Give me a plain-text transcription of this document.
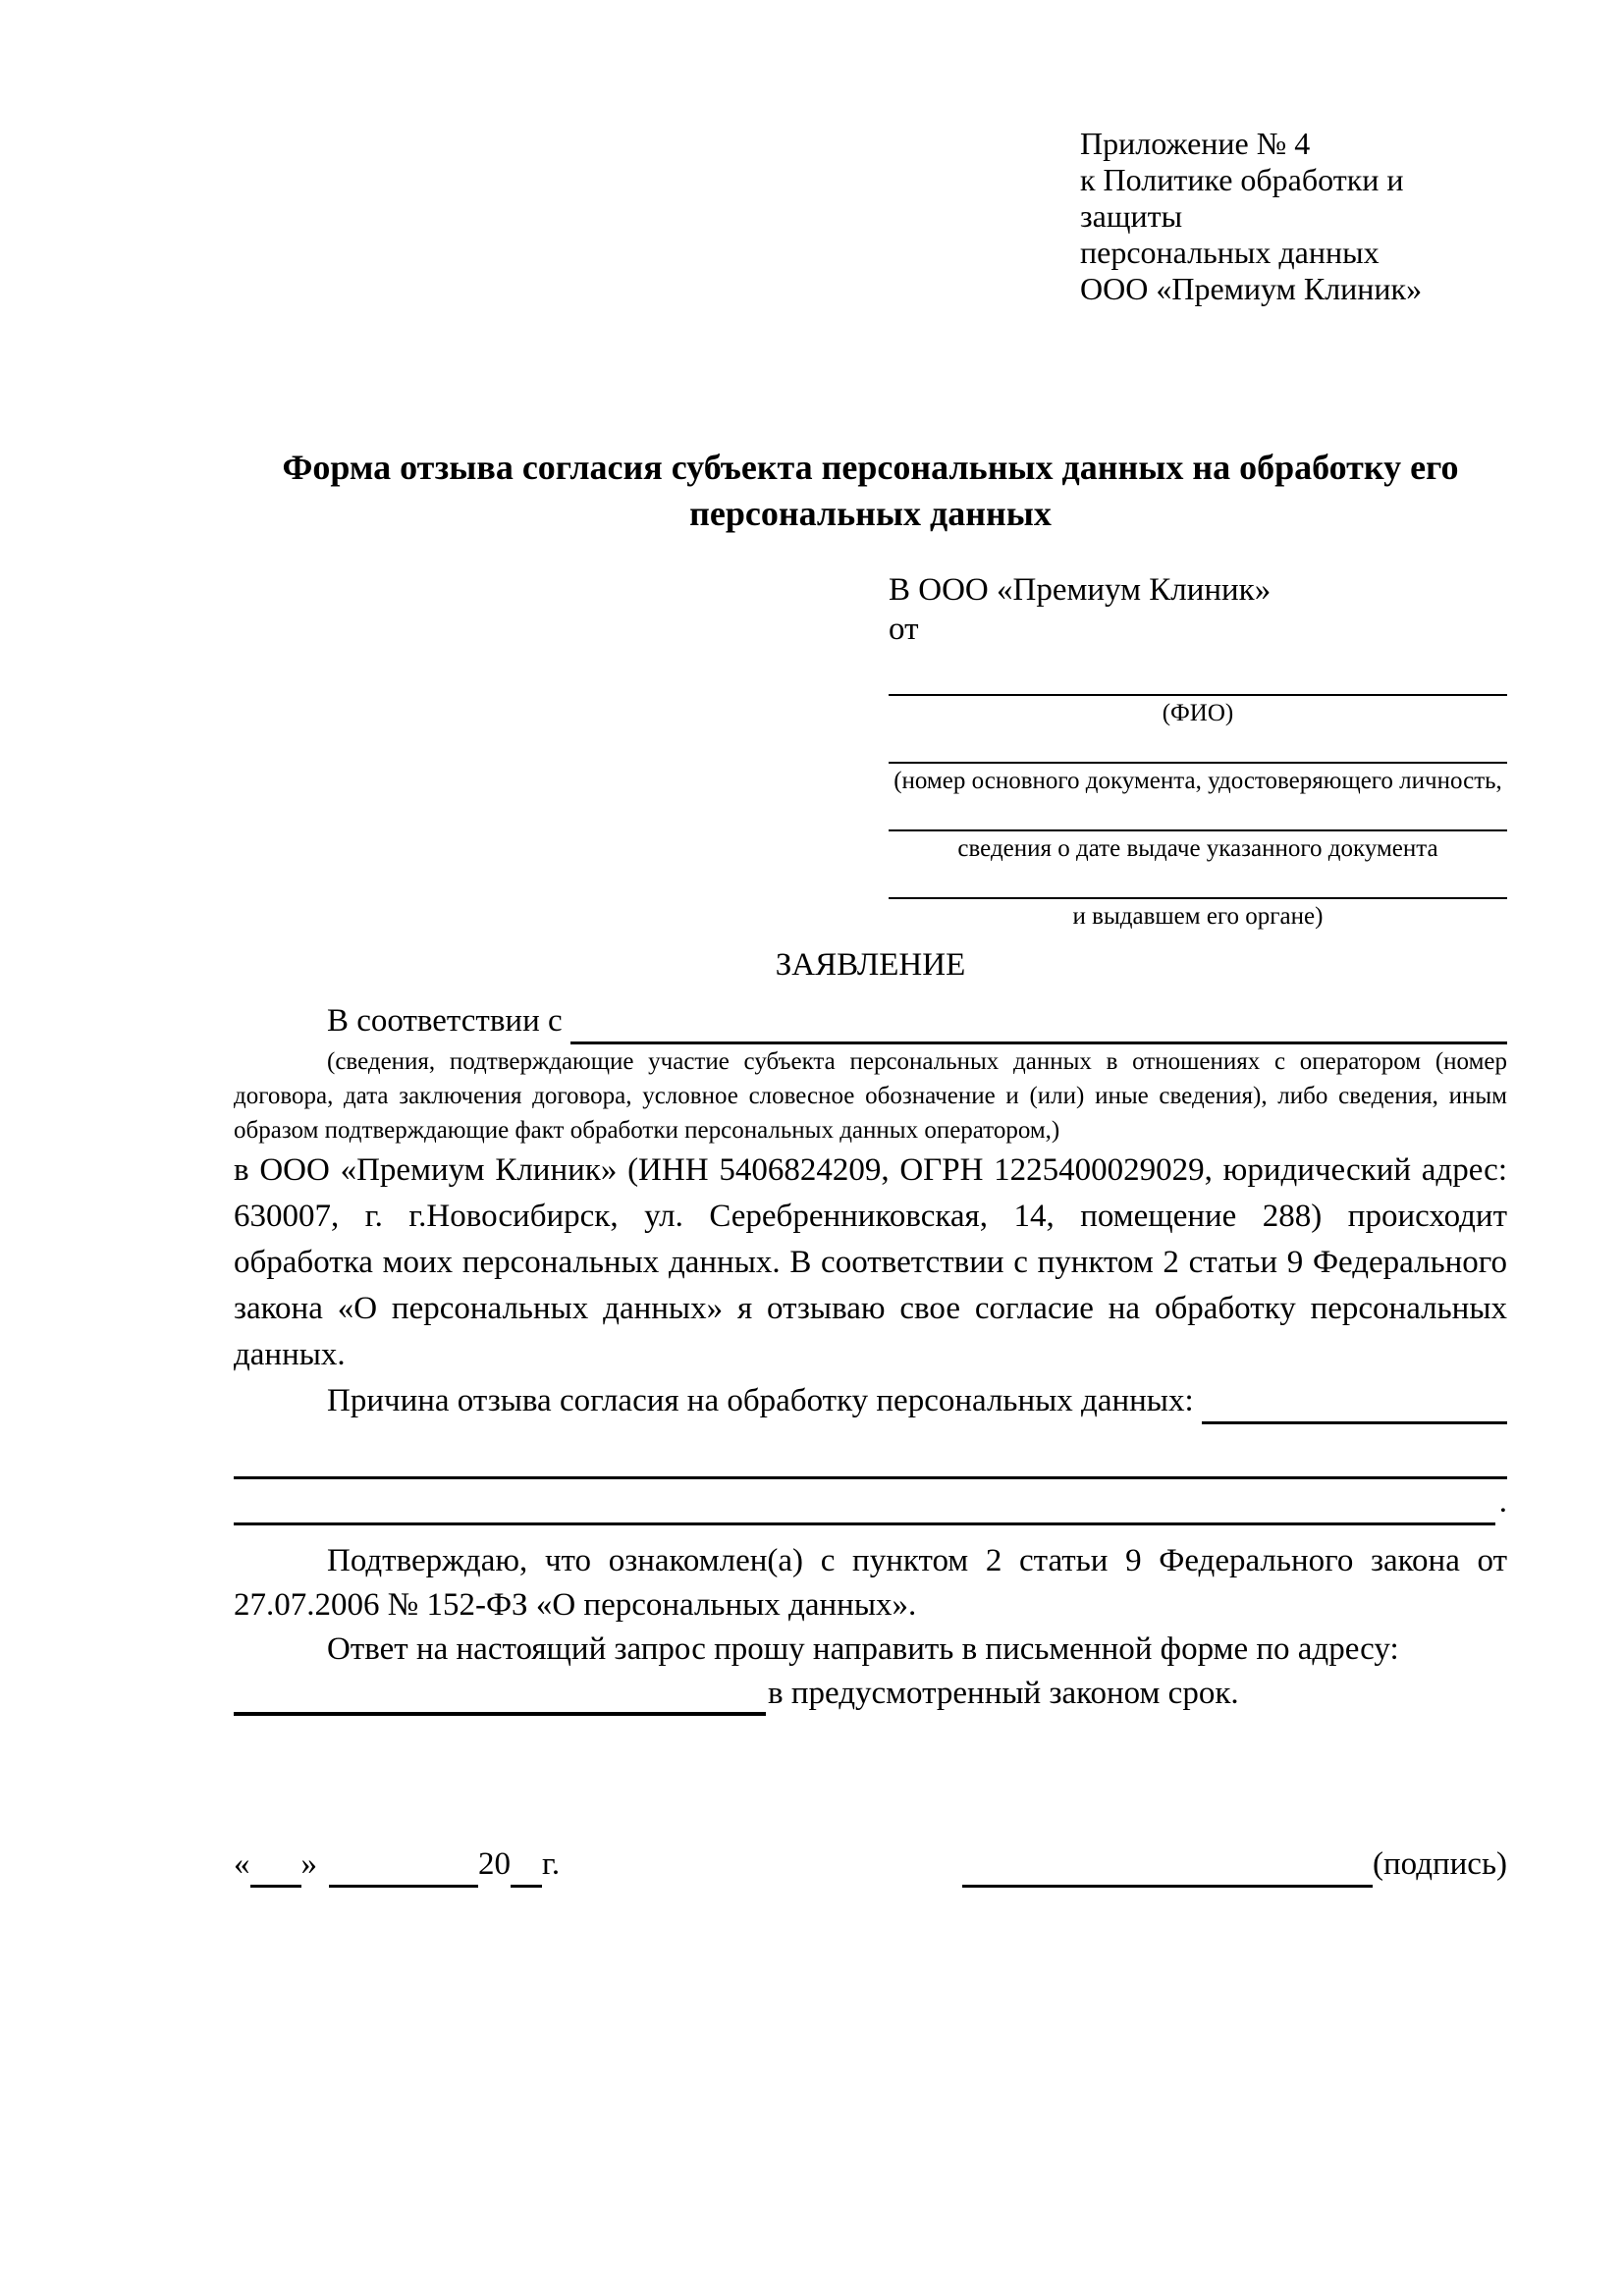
Приложение № 4
к Политике обработки и защиты
персональных данных
ООО «Премиум Клиник»
Форма отзыва согласия субъекта персональных данных на обработку его персональных данных
В ООО «Премиум Клиник»
от
(ФИО)
(номер основного документа, удостоверяющего личность,
сведения о дате выдаче указанного документа
и выдавшем его органе)
ЗАЯВЛЕНИЕ
В соответствии с
(сведения, подтверждающие участие субъекта персональных данных в отношениях с оператором (номер договора, дата заключения договора, условное словесное обозначение и (или) иные сведения), либо сведения, иным образом подтверждающие факт обработки персональных данных оператором,)
в ООО «Премиум Клиник» (ИНН 5406824209, ОГРН 1225400029029, юридический адрес: 630007, г. г.Новосибирск, ул. Серебренниковская, 14, помещение 288) происходит обработка моих персональных данных. В соответствии с пунктом 2 статьи 9 Федерального закона «О персональных данных» я отзываю свое согласие на обработку персональных данных.
Причина отзыва согласия на обработку персональных данных:
.
Подтверждаю, что ознакомлен(а) с пунктом 2 статьи 9 Федерального закона от 27.07.2006 № 152-ФЗ «О персональных данных».
Ответ на настоящий запрос прошу направить в письменной форме по адресу:
в предусмотренный законом срок.
« »	20 г.	(подпись)
